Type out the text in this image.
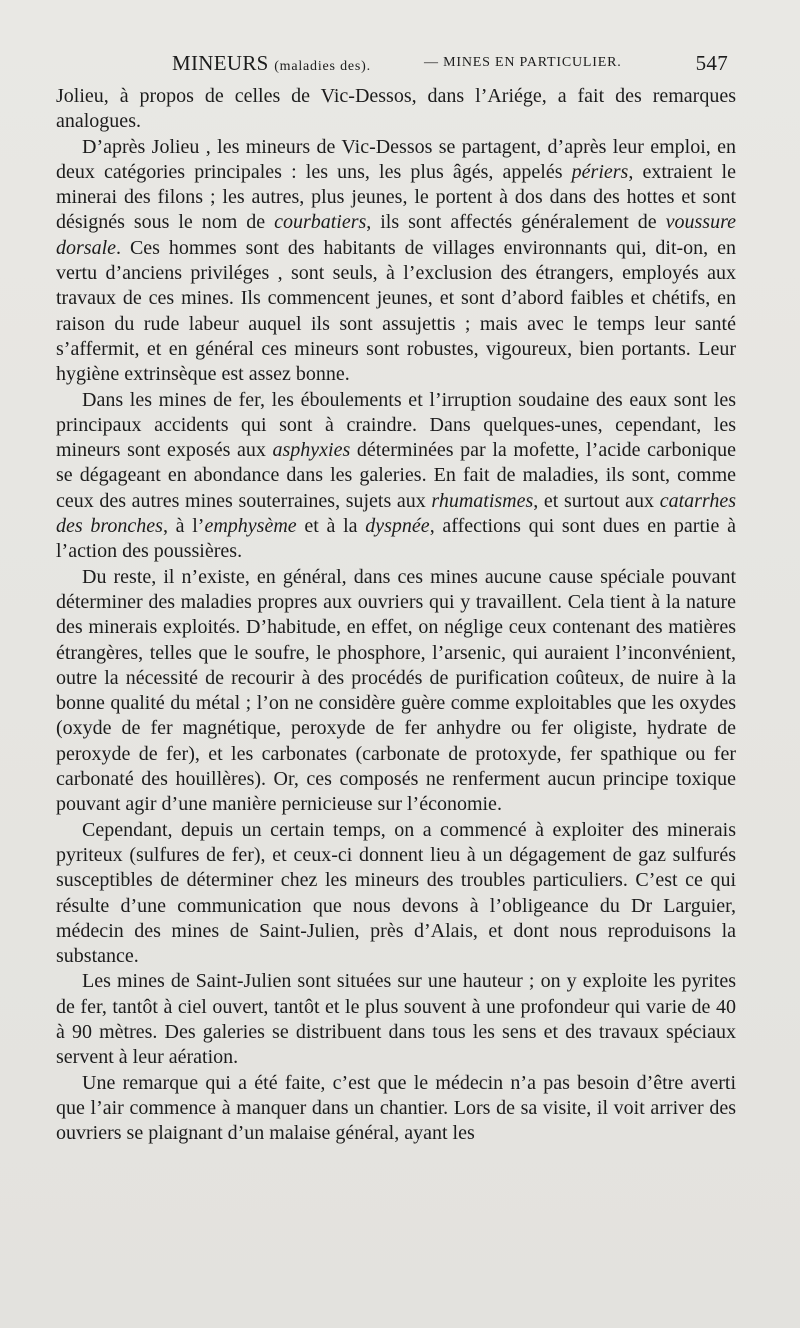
MINEURS (maladies des).	— MINES EN PARTICULIER.	547

Jolieu, à propos de celles de Vic-Dessos, dans l’Ariége, a fait des remarques analogues.

D’après Jolieu , les mineurs de Vic-Dessos se partagent, d’après leur emploi, en deux catégories principales : les uns, les plus âgés, appelés périers, extraient le minerai des filons ; les autres, plus jeunes, le portent à dos dans des hottes et sont désignés sous le nom de courbatiers, ils sont affectés généralement de voussure dorsale. Ces hommes sont des habitants de villages environnants qui, dit-on, en vertu d’anciens priviléges , sont seuls, à l’exclusion des étrangers, employés aux travaux de ces mines. Ils commencent jeunes, et sont d’abord faibles et chétifs, en raison du rude labeur auquel ils sont assujettis ; mais avec le temps leur santé s’affermit, et en général ces mineurs sont robustes, vigoureux, bien portants. Leur hygiène extrinsèque est assez bonne.

Dans les mines de fer, les éboulements et l’irruption soudaine des eaux sont les principaux accidents qui sont à craindre. Dans quelques-unes, cependant, les mineurs sont exposés aux asphyxies déterminées par la mofette, l’acide carbonique se dégageant en abondance dans les galeries. En fait de maladies, ils sont, comme ceux des autres mines souterraines, sujets aux rhumatismes, et surtout aux catarrhes des bronches, à l’emphysème et à la dyspnée, affections qui sont dues en partie à l’action des poussières.

Du reste, il n’existe, en général, dans ces mines aucune cause spéciale pouvant déterminer des maladies propres aux ouvriers qui y travaillent. Cela tient à la nature des minerais exploités. D’habitude, en effet, on néglige ceux contenant des matières étrangères, telles que le soufre, le phosphore, l’arsenic, qui auraient l’inconvénient, outre la nécessité de recourir à des procédés de purification coûteux, de nuire à la bonne qualité du métal ; l’on ne considère guère comme exploitables que les oxydes (oxyde de fer magnétique, peroxyde de fer anhydre ou fer oligiste, hydrate de peroxyde de fer), et les carbonates (carbonate de protoxyde, fer spathique ou fer carbonaté des houillères). Or, ces composés ne renferment aucun principe toxique pouvant agir d’une manière pernicieuse sur l’économie.

Cependant, depuis un certain temps, on a commencé à exploiter des minerais pyriteux (sulfures de fer), et ceux-ci donnent lieu à un dégagement de gaz sulfurés susceptibles de déterminer chez les mineurs des troubles particuliers. C’est ce qui résulte d’une communication que nous devons à l’obligeance du Dr Larguier, médecin des mines de Saint-Julien, près d’Alais, et dont nous reproduisons la substance.

Les mines de Saint-Julien sont situées sur une hauteur ; on y exploite les pyrites de fer, tantôt à ciel ouvert, tantôt et le plus souvent à une profondeur qui varie de 40 à 90 mètres. Des galeries se distribuent dans tous les sens et des travaux spéciaux servent à leur aération.

Une remarque qui a été faite, c’est que le médecin n’a pas besoin d’être averti que l’air commence à manquer dans un chantier. Lors de sa visite, il voit arriver des ouvriers se plaignant d’un malaise général, ayant les
